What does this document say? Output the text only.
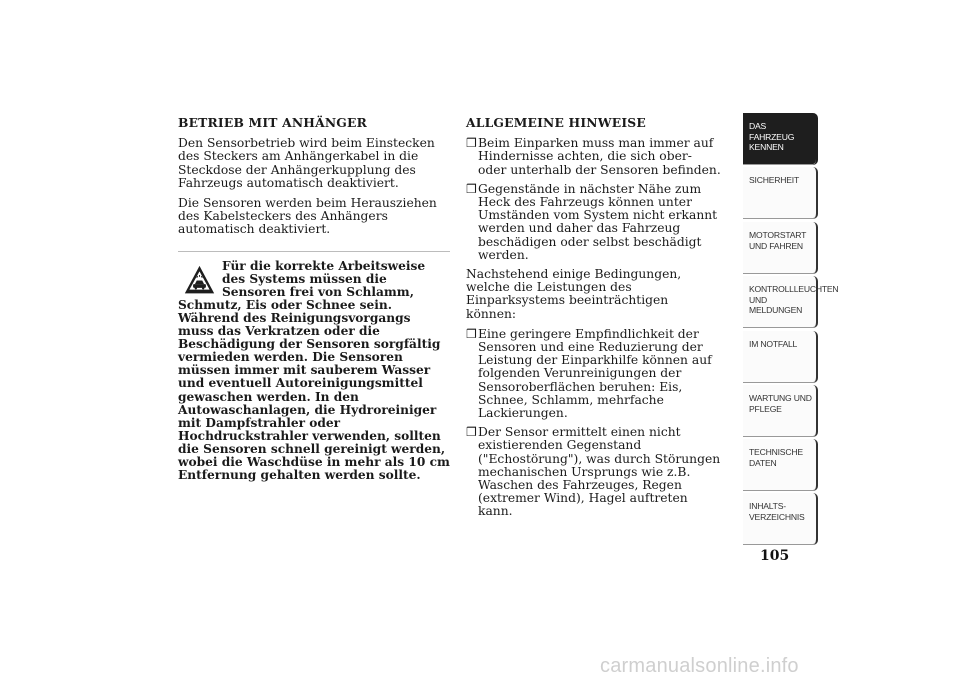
BETRIEB MIT ANHÄNGER

Den Sensorbetrieb wird beim Einstecken des Steckers am Anhängerkabel in die Steckdose der Anhängerkupplung des Fahrzeugs automatisch deaktiviert.

Die Sensoren werden beim Herausziehen des Kabelsteckers des Anhängers automatisch deaktiviert.

Für die korrekte Arbeitsweise des Systems müssen die Sensoren frei von Schlamm, Schmutz, Eis oder Schnee sein. Während des Reinigungsvorgangs muss das Verkratzen oder die Beschädigung der Sensoren sorgfältig vermieden werden. Die Sensoren müssen immer mit sauberem Wasser und eventuell Autoreinigungsmittel gewaschen werden. In den Autowaschanlagen, die Hydroreiniger mit Dampfstrahler oder Hochdruckstrahler verwenden, sollten die Sensoren schnell gereinigt werden, wobei die Waschdüse in mehr als 10 cm Entfernung gehalten werden sollte.
ALLGEMEINE HINWEISE
❒ Beim Einparken muss man immer auf Hindernisse achten, die sich ober- oder unterhalb der Sensoren befinden.
❒ Gegenstände in nächster Nähe zum Heck des Fahrzeugs können unter Umständen vom System nicht erkannt werden und daher das Fahrzeug beschädigen oder selbst beschädigt werden.

Nachstehend einige Bedingungen, welche die Leistungen des Einparksystems beeinträchtigen können:

❒ Eine geringere Empfindlichkeit der Sensoren und eine Reduzierung der Leistung der Einparkhilfe können auf folgenden Verunreinigungen der Sensoroberflächen beruhen: Eis, Schnee, Schlamm, mehrfache Lackierungen.
❒ Der Sensor ermittelt einen nicht existierenden Gegenstand ("Echostörung"), was durch Störungen mechanischen Ursprungs wie z.B. Waschen des Fahrzeuges, Regen (extremer Wind), Hagel auftreten kann.
DAS FAHRZEUG KENNEN
SICHERHEIT
MOTORSTART UND FAHREN
KONTROLLLEUCHTEN UND MELDUNGEN
IM NOTFALL
WARTUNG UND PFLEGE
TECHNISCHE DATEN
INHALTS-VERZEICHNIS
105
carmanualsonline.info
